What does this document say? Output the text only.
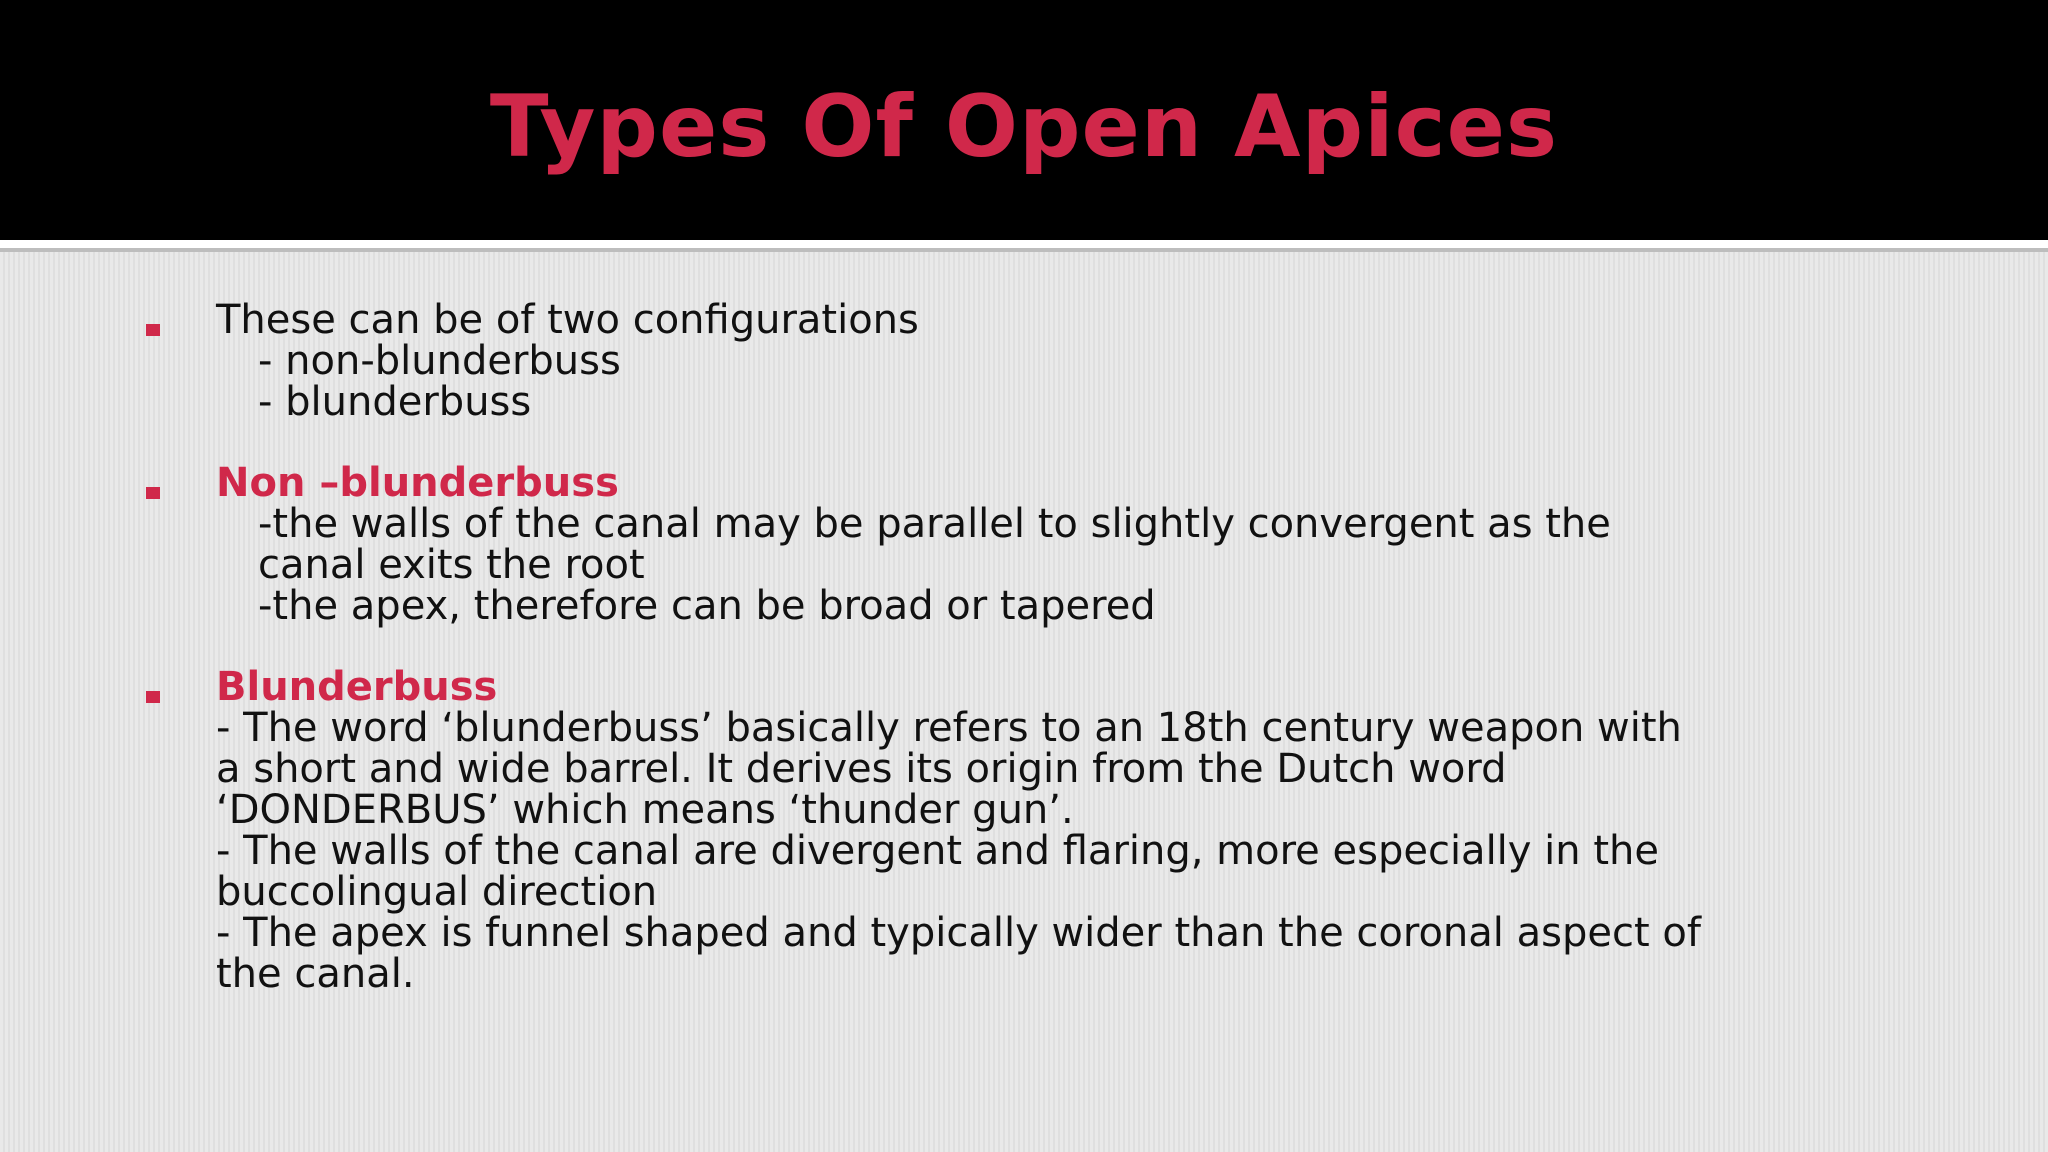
Types Of Open Apices
These can be of two configurations
- non-blunderbuss
- blunderbuss
Non –blunderbuss
-the walls of the canal may be parallel to slightly convergent as the
canal exits the root
-the apex, therefore can be broad or tapered
Blunderbuss
- The word ‘blunderbuss’ basically refers to an 18th century weapon with
a short and wide barrel. It derives its origin from the Dutch word
‘DONDERBUS’ which means ‘thunder gun’.
- The walls of the canal are divergent and flaring, more especially in the
buccolingual direction
- The apex is funnel shaped and typically wider than the coronal aspect of
the canal.
